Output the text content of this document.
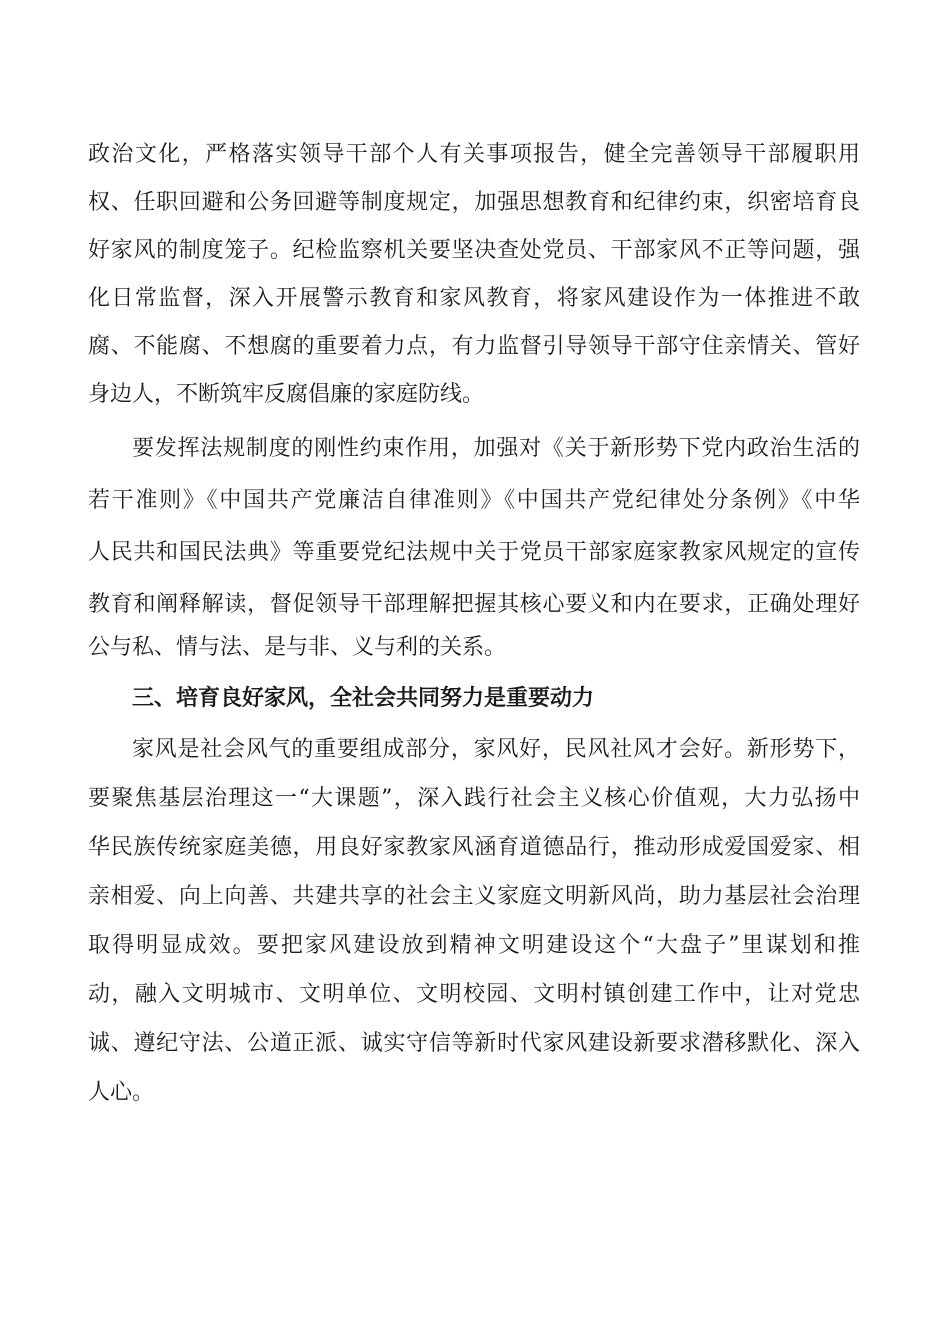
政治文化，严格落实领导干部个人有关事项报告，健全完善领导干部履职用
权、任职回避和公务回避等制度规定，加强思想教育和纪律约束，织密培育良
好家风的制度笼子。纪检监察机关要坚决查处党员、干部家风不正等问题，强
化日常监督，深入开展警示教育和家风教育，将家风建设作为一体推进不敢
腐、不能腐、不想腐的重要着力点，有力监督引导领导干部守住亲情关、管好
身边人，不断筑牢反腐倡廉的家庭防线。
要发挥法规制度的刚性约束作用，加强对《关于新形势下党内政治生活的
若干准则》《中国共产党廉洁自律准则》《中国共产党纪律处分条例》《中华
人民共和国民法典》等重要党纪法规中关于党员干部家庭家教家风规定的宣传
教育和阐释解读，督促领导干部理解把握其核心要义和内在要求，正确处理好
公与私、情与法、是与非、义与利的关系。
三、培育良好家风，全社会共同努力是重要动力
家风是社会风气的重要组成部分，家风好，民风社风才会好。新形势下，
要聚焦基层治理这一“大课题”，深入践行社会主义核心价值观，大力弘扬中
华民族传统家庭美德，用良好家教家风涵育道德品行，推动形成爱国爱家、相
亲相爱、向上向善、共建共享的社会主义家庭文明新风尚，助力基层社会治理
取得明显成效。要把家风建设放到精神文明建设这个“大盘子”里谋划和推
动，融入文明城市、文明单位、文明校园、文明村镇创建工作中，让对党忠
诚、遵纪守法、公道正派、诚实守信等新时代家风建设新要求潜移默化、深入
人心。
